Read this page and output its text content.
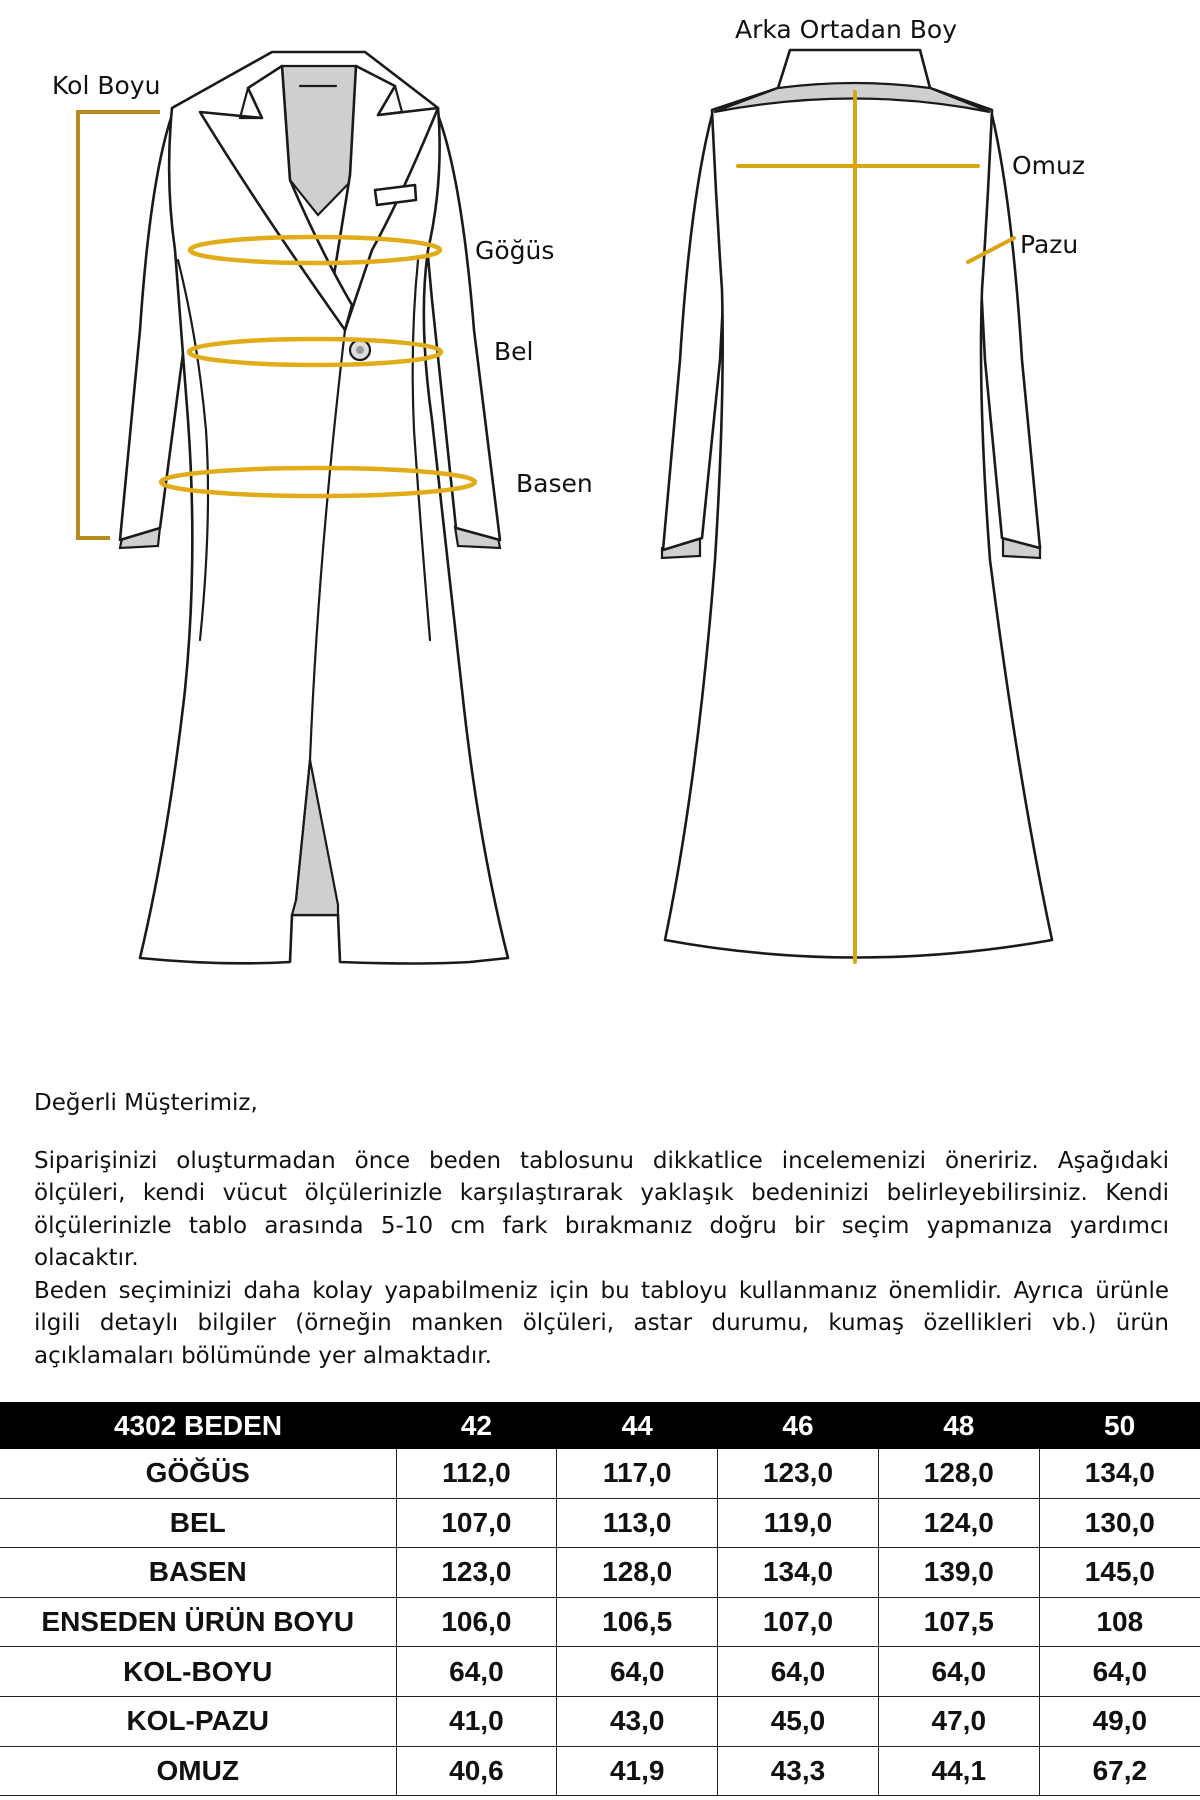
Kol Boyu
Göğüs
Bel
Basen
Arka Ortadan Boy
Omuz
Pazu

Değerli Müşterimiz,

Siparişinizi oluşturmadan önce beden tablosunu dikkatlice incelemenizi öneririz. Aşağıdaki ölçüleri, kendi vücut ölçülerinizle karşılaştırarak yaklaşık bedeninizi belirleyebilirsiniz. Kendi ölçülerinizle tablo arasında 5-10 cm fark bırakmanız doğru bir seçim yapmanıza yardımcı olacaktır.

Beden seçiminizi daha kolay yapabilmeniz için bu tabloyu kullanmanız önemlidir. Ayrıca ürünle ilgili detaylı bilgiler (örneğin manken ölçüleri, astar durumu, kumaş özellikleri vb.) ürün açıklamaları bölümünde yer almaktadır.

4302 BEDEN	42	44	46	48	50
GÖĞÜS	112,0	117,0	123,0	128,0	134,0
BEL	107,0	113,0	119,0	124,0	130,0
BASEN	123,0	128,0	134,0	139,0	145,0
ENSEDEN ÜRÜN BOYU	106,0	106,5	107,0	107,5	108
KOL-BOYU	64,0	64,0	64,0	64,0	64,0
KOL-PAZU	41,0	43,0	45,0	47,0	49,0
OMUZ	40,6	41,9	43,3	44,1	67,2
